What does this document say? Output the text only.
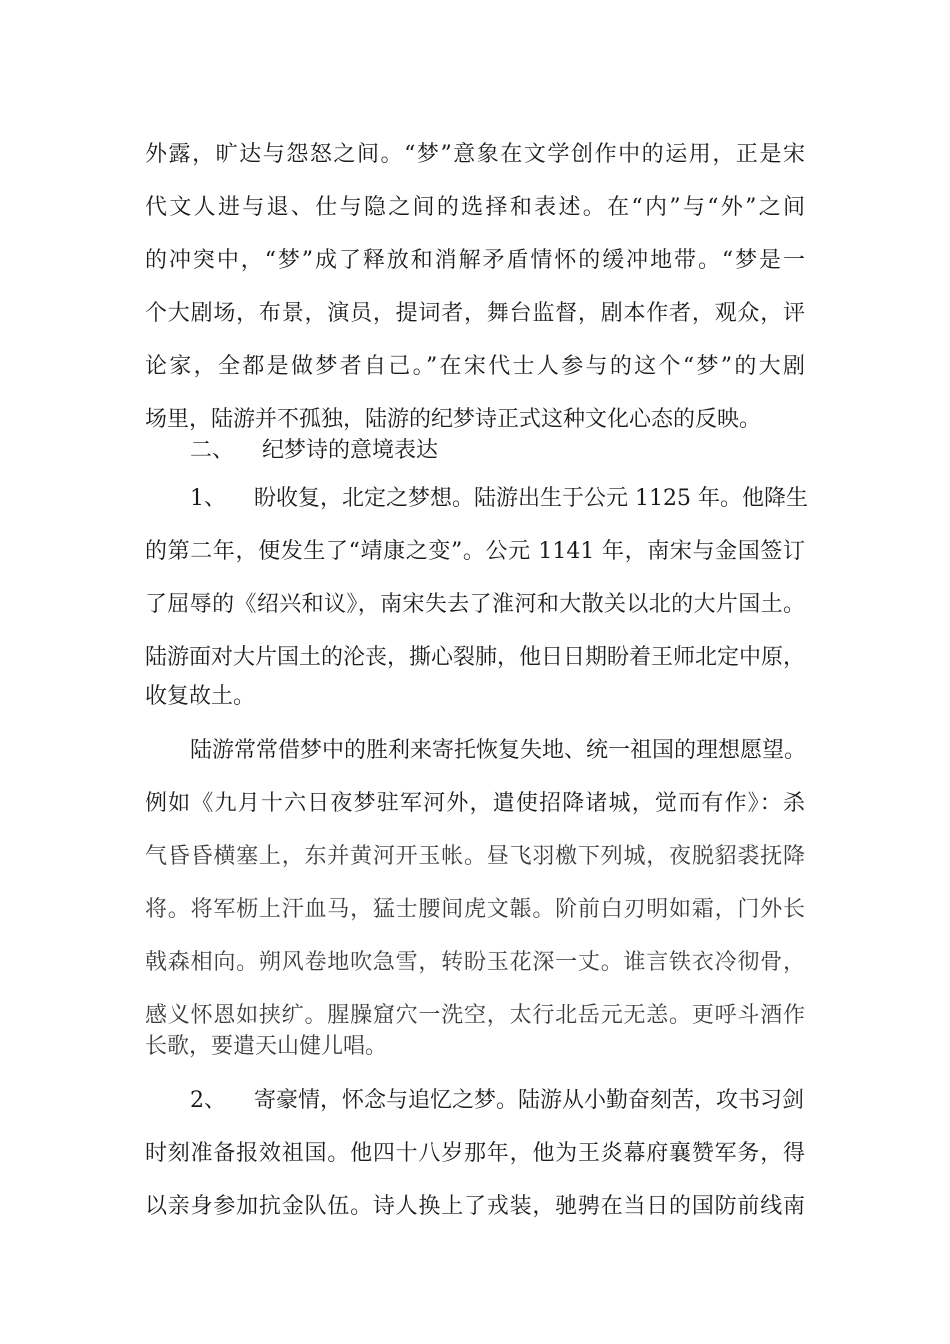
外露，旷达与怨怒之间。“梦”意象在文学创作中的运用，正是宋
代文人进与退、仕与隐之间的选择和表述。在“内”与“外”之间
的冲突中，“梦”成了释放和消解矛盾情怀的缓冲地带。“梦是一
个大剧场，布景，演员，提词者，舞台监督，剧本作者，观众，评
论家，全都是做梦者自己。”在宋代士人参与的这个“梦”的大剧
场里，陆游并不孤独，陆游的纪梦诗正式这种文化心态的反映。
二、    纪梦诗的意境表达
1、    盼收复，北定之梦想。陆游出生于公元 1125 年。他降生
的第二年，便发生了“靖康之变”。公元 1141 年，南宋与金国签订
了屈辱的《绍兴和议》，南宋失去了淮河和大散关以北的大片国土。
陆游面对大片国土的沦丧，撕心裂肺，他日日期盼着王师北定中原，
收复故土。
陆游常常借梦中的胜利来寄托恢复失地、统一祖国的理想愿望。
例如《九月十六日夜梦驻军河外，遣使招降诸城，觉而有作》：杀
气昏昏横塞上，东并黄河开玉帐。昼飞羽檄下列城，夜脱貂裘抚降
将。将军枥上汗血马，猛士腰间虎文韔。阶前白刃明如霜，门外长
戟森相向。朔风卷地吹急雪，转盼玉花深一丈。谁言铁衣冷彻骨，
感义怀恩如挟纩。腥臊窟穴一洗空，太行北岳元无恙。更呼斗酒作
长歌，要遣天山健儿唱。
2、    寄豪情，怀念与追忆之梦。陆游从小勤奋刻苦，攻书习剑
时刻准备报效祖国。他四十八岁那年，他为王炎幕府襄赞军务，得
以亲身参加抗金队伍。诗人换上了戎装，驰骋在当日的国防前线南
